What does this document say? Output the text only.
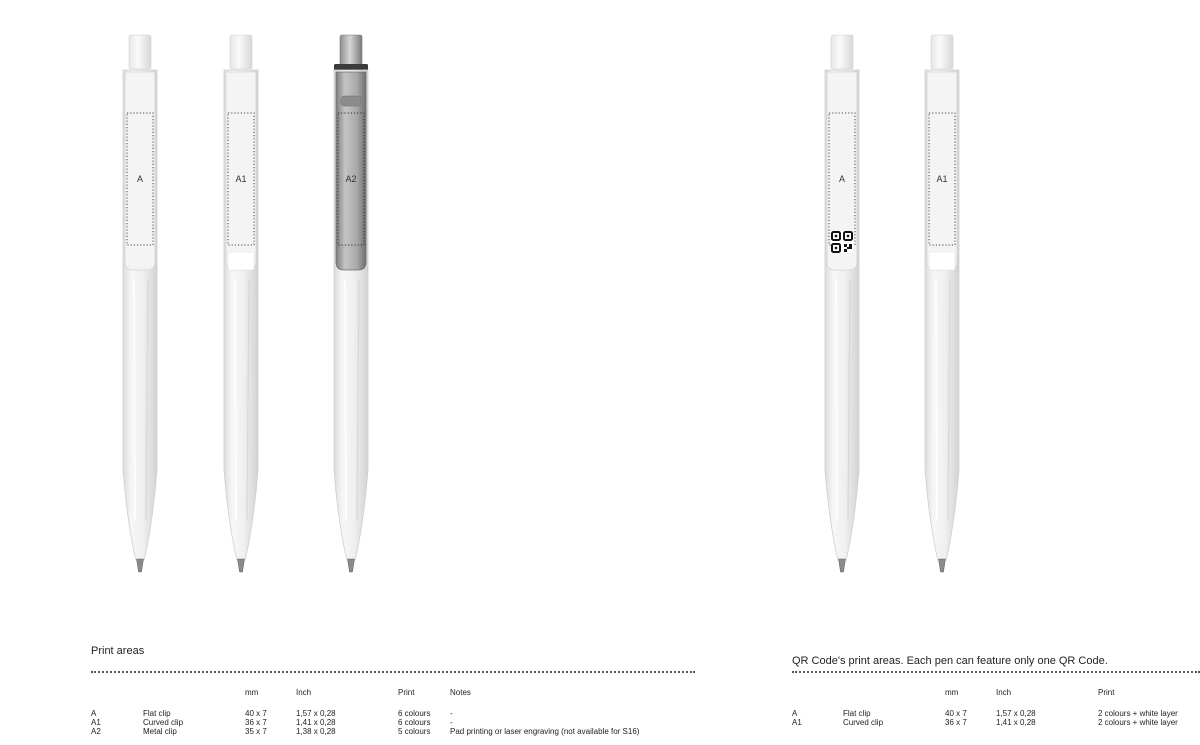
A	A1	A2	A	A1
Print areas
		mm	Inch	Print	Notes
A	Flat clip	40 x 7	1,57 x 0,28	6 colours	-
A1	Curved clip	36 x 7	1,41 x 0,28	6 colours	-
A2	Metal clip	35 x 7	1,38 x 0,28	5 colours	Pad printing or laser engraving (not available for S16)
QR Code's print areas. Each pen can feature only one QR Code.
		mm	Inch	Print
A	Flat clip	40 x 7	1,57 x 0,28	2 colours + white layer
A1	Curved clip	36 x 7	1,41 x 0,28	2 colours + white layer
